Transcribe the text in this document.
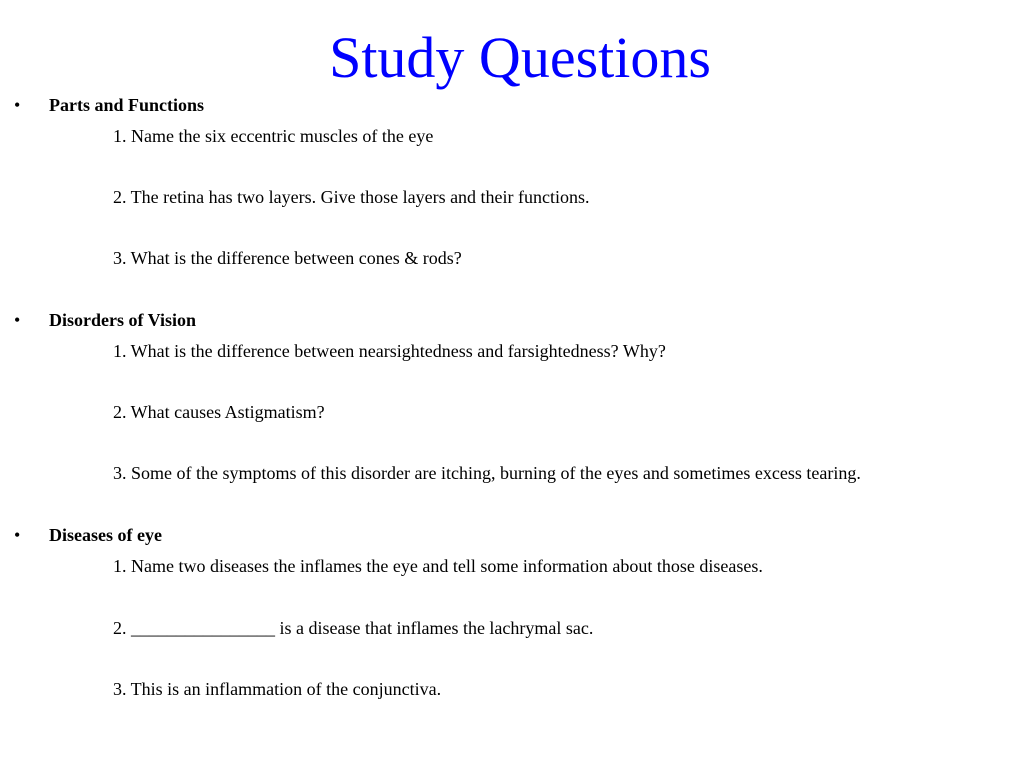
Study Questions
• Parts and Functions
1. Name the six eccentric muscles of the eye
2. The retina has two layers. Give those layers and their functions.
3. What is the difference between cones & rods?
• Disorders of Vision
1. What is the difference between nearsightedness and farsightedness? Why?
2. What causes Astigmatism?
3. Some of the symptoms of this disorder are itching, burning of the eyes and sometimes excess tearing.
• Diseases of eye
1. Name two diseases the inflames the eye and tell some information about those diseases.
2. ________________ is a disease that inflames the lachrymal sac.
3. This is an inflammation of the conjunctiva.
